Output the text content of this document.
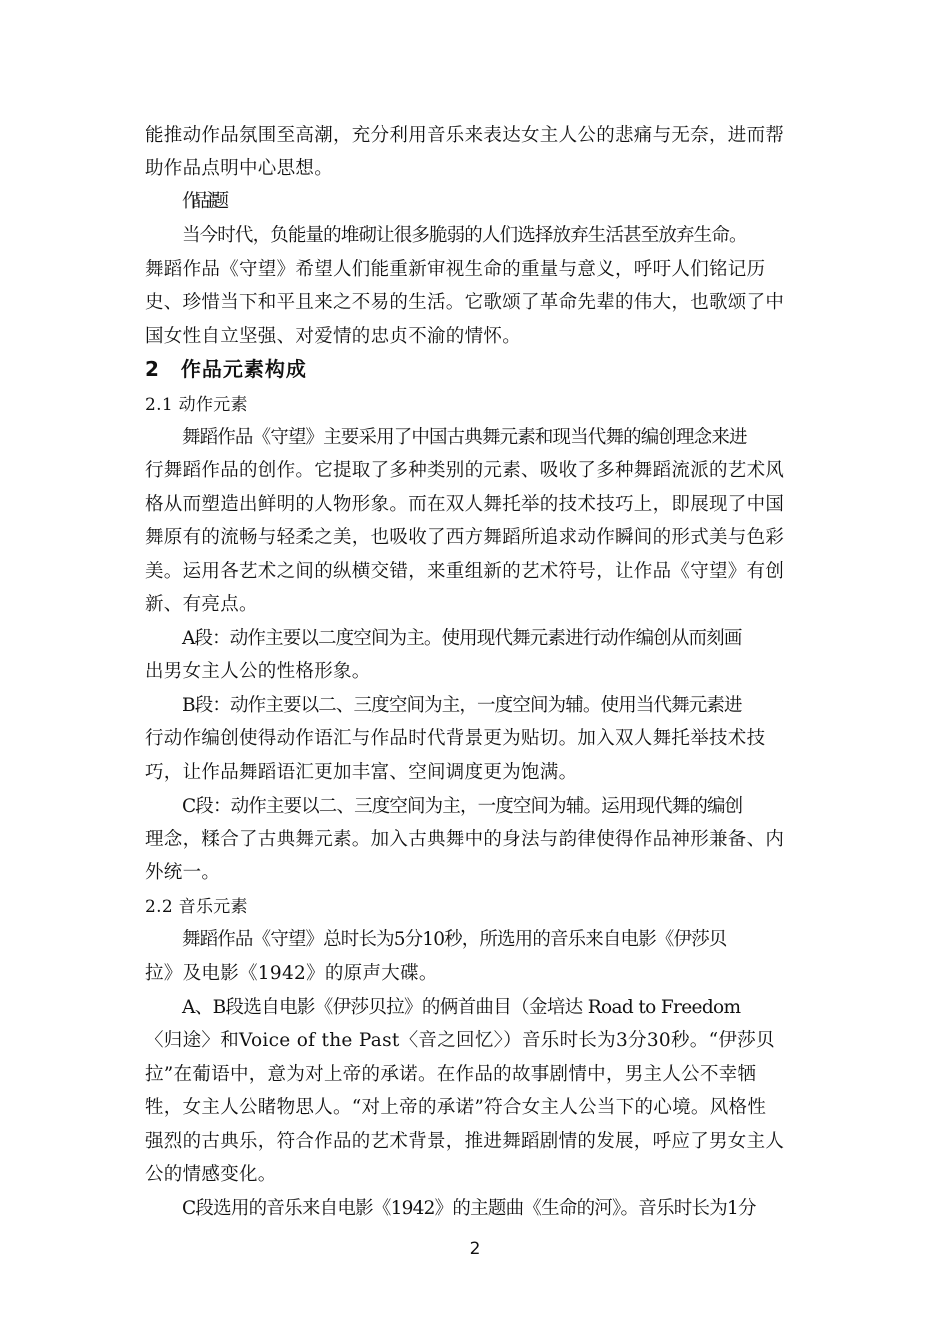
能推动作品氛围至高潮，充分利用音乐来表达女主人公的悲痛与无奈，进而帮
助作品点明中心思想。
作品主题
当今时代，负能量的堆砌让很多脆弱的人们选择放弃生活甚至放弃生命。
舞蹈作品《守望》希望人们能重新审视生命的重量与意义，呼吁人们铭记历
史、珍惜当下和平且来之不易的生活。它歌颂了革命先辈的伟大，也歌颂了中
国女性自立坚强、对爱情的忠贞不渝的情怀。
2　作品元素构成
2.1 动作元素
舞蹈作品《守望》主要采用了中国古典舞元素和现当代舞的编创理念来进
行舞蹈作品的创作。它提取了多种类别的元素、吸收了多种舞蹈流派的艺术风
格从而塑造出鲜明的人物形象。而在双人舞托举的技术技巧上，即展现了中国
舞原有的流畅与轻柔之美，也吸收了西方舞蹈所追求动作瞬间的形式美与色彩
美。运用各艺术之间的纵横交错，来重组新的艺术符号，让作品《守望》有创
新、有亮点。
A段：动作主要以二度空间为主。使用现代舞元素进行动作编创从而刻画
出男女主人公的性格形象。
B段：动作主要以二、三度空间为主，一度空间为辅。使用当代舞元素进
行动作编创使得动作语汇与作品时代背景更为贴切。加入双人舞托举技术技
巧，让作品舞蹈语汇更加丰富、空间调度更为饱满。
C段：动作主要以二、三度空间为主，一度空间为辅。运用现代舞的编创
理念，糅合了古典舞元素。加入古典舞中的身法与韵律使得作品神形兼备、内
外统一。
2.2 音乐元素
舞蹈作品《守望》总时长为5分10秒，所选用的音乐来自电影《伊莎贝
拉》及电影《1942》的原声大碟。
A、B段选自电影《伊莎贝拉》的俩首曲目（金培达 Road to Freedom
〈归途〉和Voice of the Past〈音之回忆〉）音乐时长为3分30秒。“伊莎贝
拉”在葡语中，意为对上帝的承诺。在作品的故事剧情中，男主人公不幸牺
牲，女主人公睹物思人。“对上帝的承诺”符合女主人公当下的心境。风格性
强烈的古典乐，符合作品的艺术背景，推进舞蹈剧情的发展，呼应了男女主人
公的情感变化。
C段选用的音乐来自电影《1942》的主题曲《生命的河》。音乐时长为1分
2
